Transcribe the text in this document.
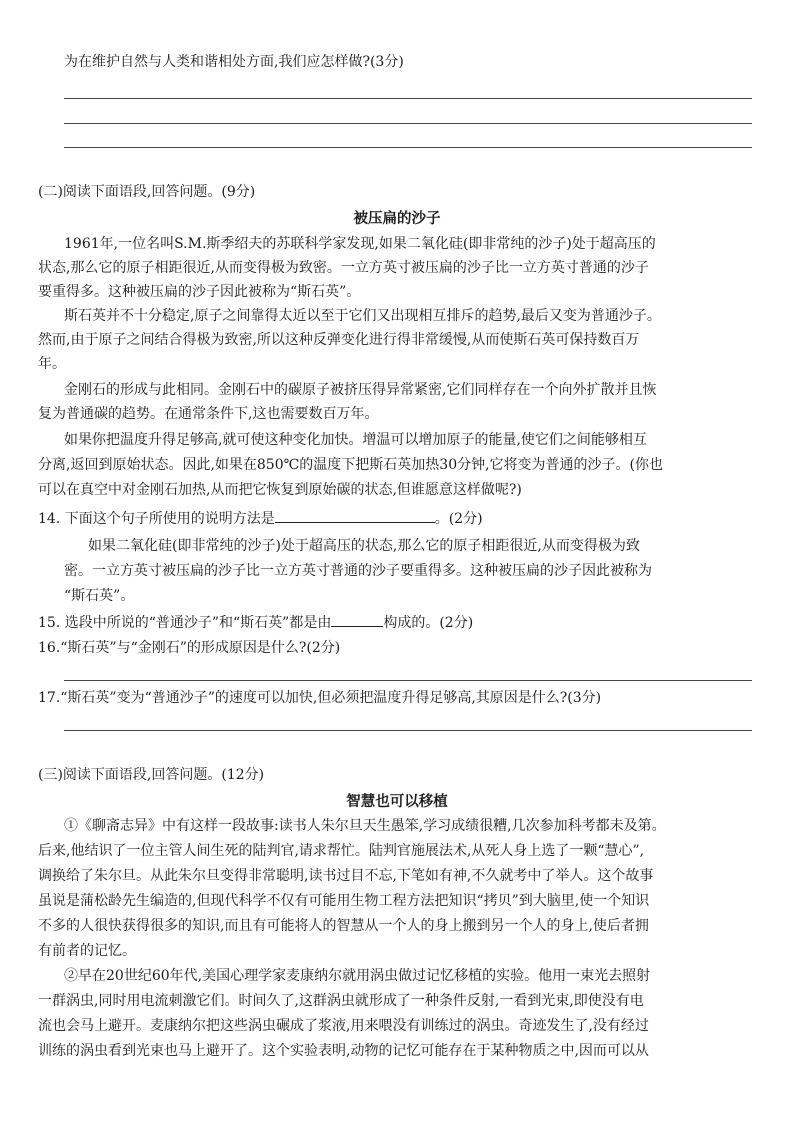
为在维护自然与人类和谐相处方面,我们应怎样做?(3分)
(二)阅读下面语段,回答问题。(9分)
被压扁的沙子
1961年,一位名叫S.M.斯季绍夫的苏联科学家发现,如果二氧化硅(即非常纯的沙子)处于超高压的
状态,那么它的原子相距很近,从而变得极为致密。一立方英寸被压扁的沙子比一立方英寸普通的沙子
要重得多。这种被压扁的沙子因此被称为“斯石英”。
斯石英并不十分稳定,原子之间靠得太近以至于它们又出现相互排斥的趋势,最后又变为普通沙子。
然而,由于原子之间结合得极为致密,所以这种反弹变化进行得非常缓慢,从而使斯石英可保持数百万
年。
金刚石的形成与此相同。金刚石中的碳原子被挤压得异常紧密,它们同样存在一个向外扩散并且恢
复为普通碳的趋势。在通常条件下,这也需要数百万年。
如果你把温度升得足够高,就可使这种变化加快。增温可以增加原子的能量,使它们之间能够相互
分离,返回到原始状态。因此,如果在850℃的温度下把斯石英加热30分钟,它将变为普通的沙子。(你也
可以在真空中对金刚石加热,从而把它恢复到原始碳的状态,但谁愿意这样做呢?)
14. 下面这个句子所使用的说明方法是	。(2分)
如果二氧化硅(即非常纯的沙子)处于超高压的状态,那么它的原子相距很近,从而变得极为致
密。一立方英寸被压扁的沙子比一立方英寸普通的沙子要重得多。这种被压扁的沙子因此被称为
“斯石英”。
15. 选段中所说的“普通沙子”和“斯石英”都是由	构成的。(2分)
16.“斯石英”与“金刚石”的形成原因是什么?(2分)
17.“斯石英”变为“普通沙子”的速度可以加快,但必须把温度升得足够高,其原因是什么?(3分)
(三)阅读下面语段,回答问题。(12分)
智慧也可以移植
①《聊斋志异》中有这样一段故事:读书人朱尔旦天生愚笨,学习成绩很糟,几次参加科考都未及第。
后来,他结识了一位主管人间生死的陆判官,请求帮忙。陆判官施展法术,从死人身上选了一颗“慧心”,
调换给了朱尔旦。从此朱尔旦变得非常聪明,读书过目不忘,下笔如有神,不久就考中了举人。这个故事
虽说是蒲松龄先生编造的,但现代科学不仅有可能用生物工程方法把知识“拷贝”到大脑里,使一个知识
不多的人很快获得很多的知识,而且有可能将人的智慧从一个人的身上搬到另一个人的身上,使后者拥
有前者的记忆。
②早在20世纪60年代,美国心理学家麦康纳尔就用涡虫做过记忆移植的实验。他用一束光去照射
一群涡虫,同时用电流刺激它们。时间久了,这群涡虫就形成了一种条件反射,一看到光束,即使没有电
流也会马上避开。麦康纳尔把这些涡虫碾成了浆液,用来喂没有训练过的涡虫。奇迹发生了,没有经过
训练的涡虫看到光束也马上避开了。这个实验表明,动物的记忆可能存在于某种物质之中,因而可以从
